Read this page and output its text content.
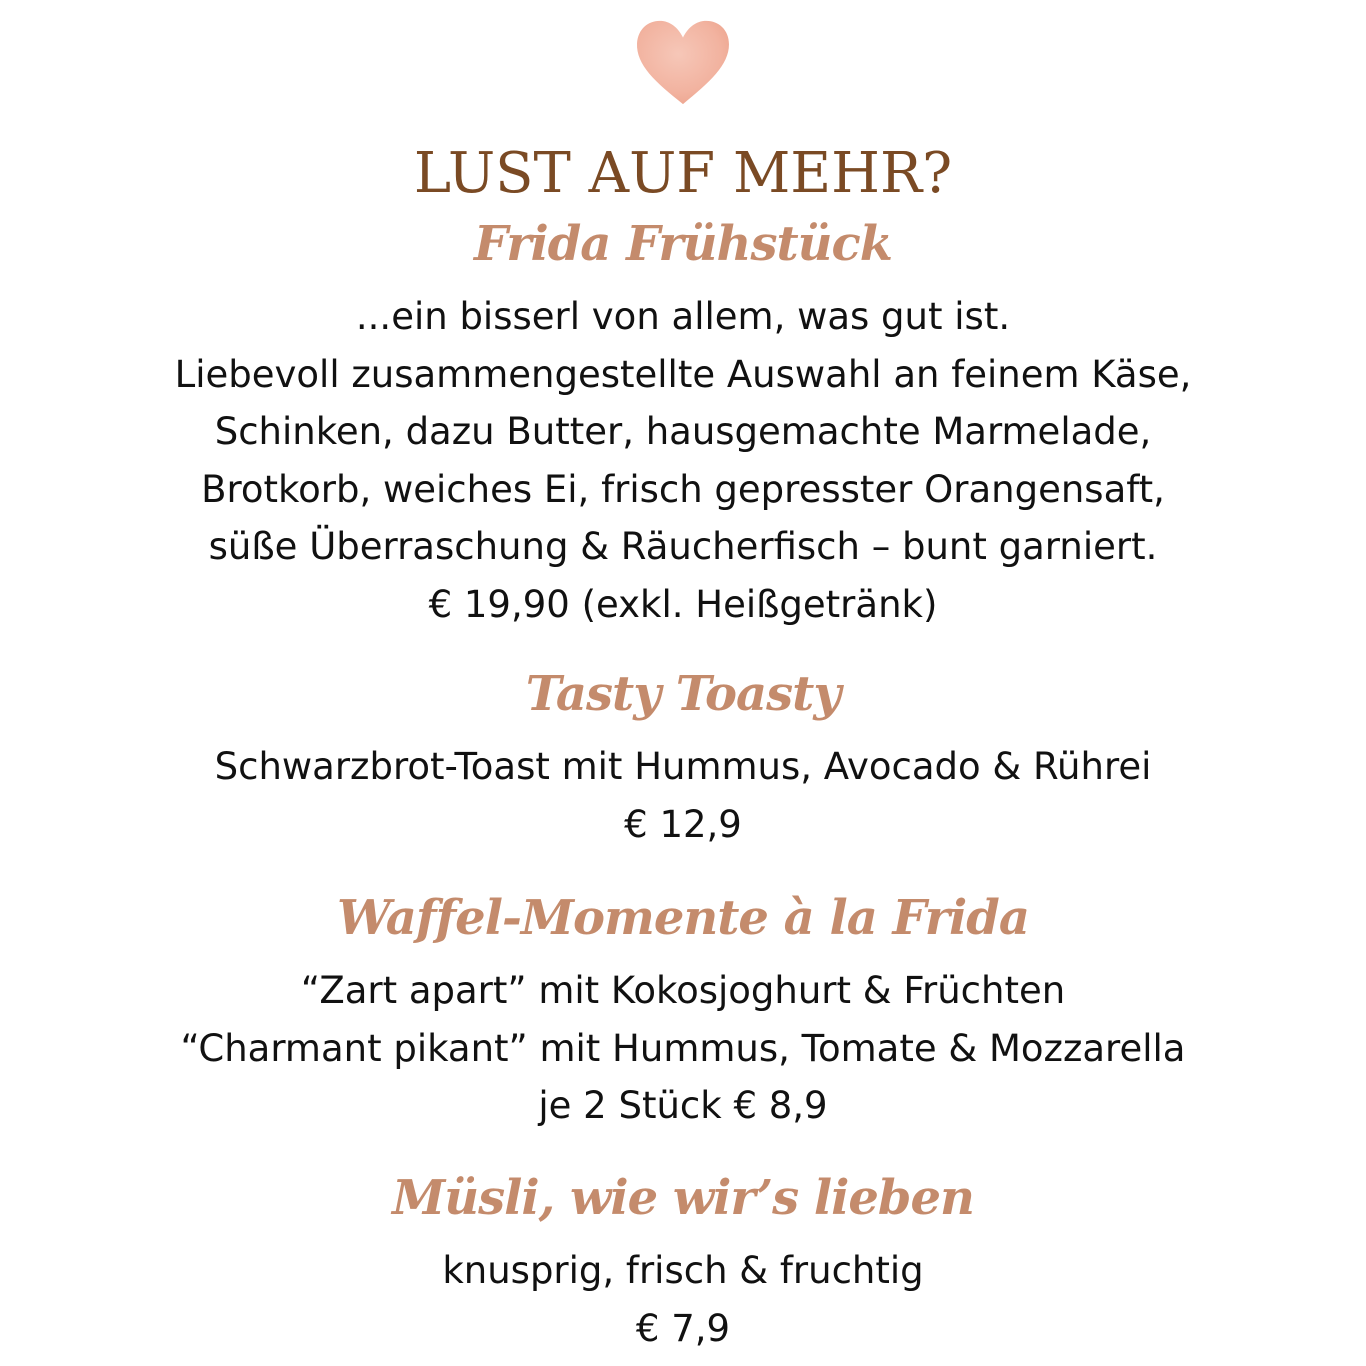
LUST AUF MEHR?
Frida Frühstück
...ein bisserl von allem, was gut ist.
Liebevoll zusammengestellte Auswahl an feinem Käse,
Schinken, dazu Butter, hausgemachte Marmelade,
Brotkorb, weiches Ei, frisch gepresster Orangensaft,
süße Überraschung & Räucherfisch – bunt garniert.
€ 19,90 (exkl. Heißgetränk)
Tasty Toasty
Schwarzbrot-Toast mit Hummus, Avocado & Rührei
€ 12,9
Waffel-Momente à la Frida
“Zart apart” mit Kokosjoghurt & Früchten
“Charmant pikant” mit Hummus, Tomate & Mozzarella
je 2 Stück € 8,9
Müsli, wie wir’s lieben
knusprig, frisch & fruchtig
€ 7,9
